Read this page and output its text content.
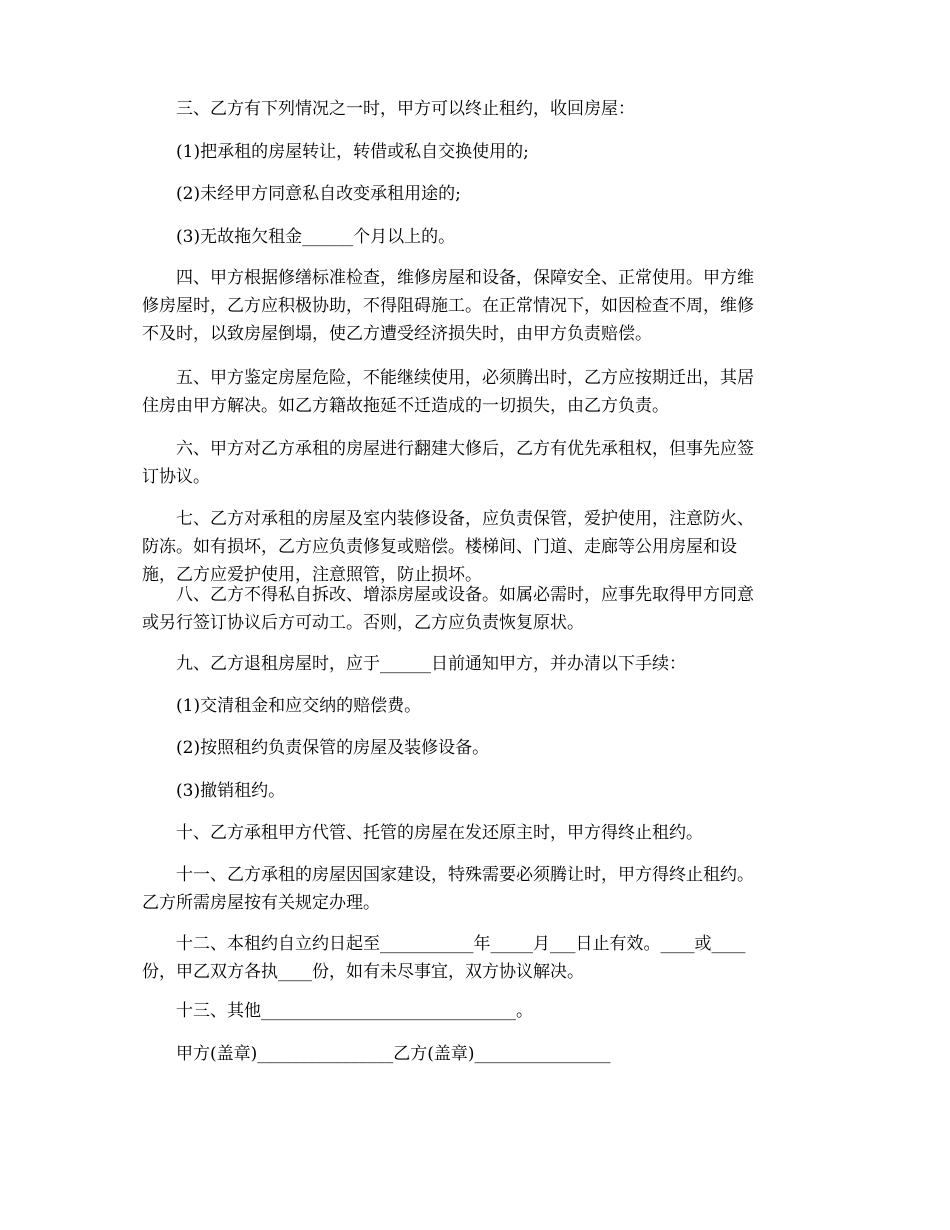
三、乙方有下列情况之一时，甲方可以终止租约，收回房屋：

(1)把承租的房屋转让，转借或私自交换使用的;

(2)未经甲方同意私自改变承租用途的;

(3)无故拖欠租金______个月以上的。

四、甲方根据修缮标准检查，维修房屋和设备，保障安全、正常使用。甲方维
修房屋时，乙方应积极协助，不得阻碍施工。在正常情况下，如因检查不周，维修
不及时，以致房屋倒塌，使乙方遭受经济损失时，由甲方负责赔偿。

五、甲方鉴定房屋危险，不能继续使用，必须腾出时，乙方应按期迁出，其居
住房由甲方解决。如乙方籍故拖延不迁造成的一切损失，由乙方负责。

六、甲方对乙方承租的房屋进行翻建大修后，乙方有优先承租权，但事先应签
订协议。

七、乙方对承租的房屋及室内装修设备，应负责保管，爱护使用，注意防火、
防冻。如有损坏，乙方应负责修复或赔偿。楼梯间、门道、走廊等公用房屋和设
施，乙方应爱护使用，注意照管，防止损坏。

八、乙方不得私自拆改、增添房屋或设备。如属必需时，应事先取得甲方同意
或另行签订协议后方可动工。否则，乙方应负责恢复原状。

九、乙方退租房屋时，应于______日前通知甲方，并办清以下手续：

(1)交清租金和应交纳的赔偿费。

(2)按照租约负责保管的房屋及装修设备。

(3)撤销租约。

十、乙方承租甲方代管、托管的房屋在发还原主时，甲方得终止租约。

十一、乙方承租的房屋因国家建设，特殊需要必须腾让时，甲方得终止租约。
乙方所需房屋按有关规定办理。

十二、本租约自立约日起至___________年_____月___日止有效。____或____
份，甲乙双方各执____份，如有未尽事宜，双方协议解决。

十三、其他______________________________。

甲方(盖章)________________乙方(盖章)________________
